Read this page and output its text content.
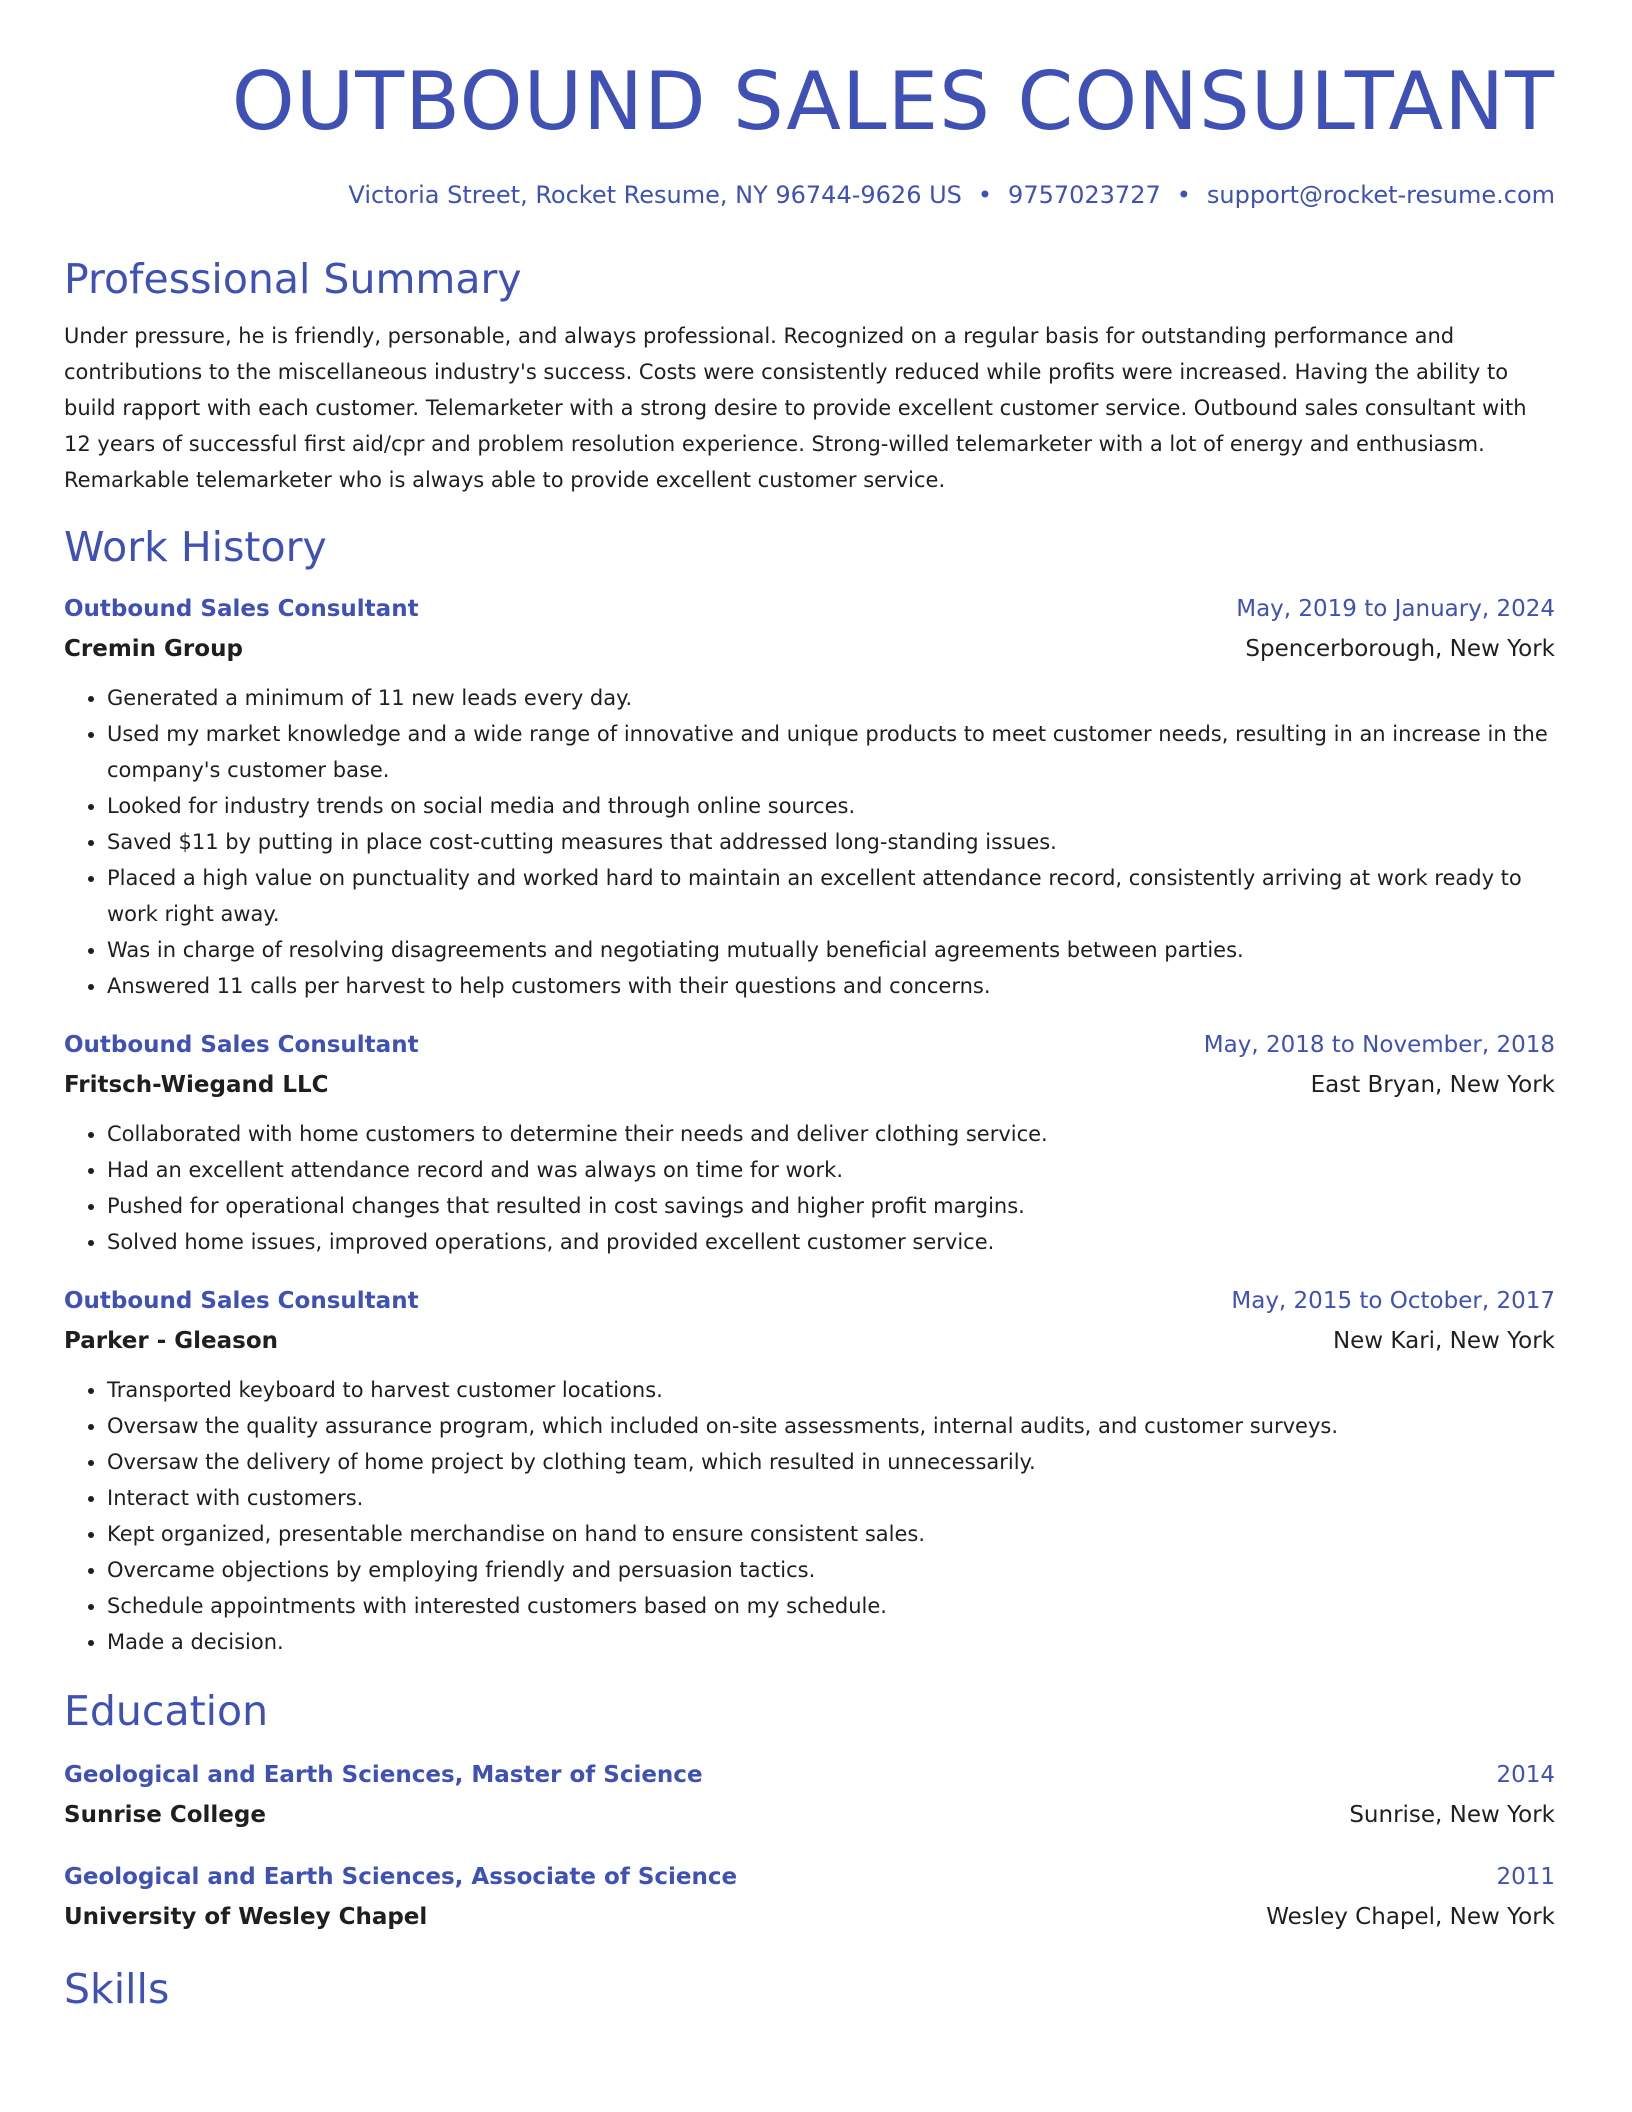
OUTBOUND SALES CONSULTANT
Victoria Street, Rocket Resume, NY 96744-9626 US • 9757023727 • support@rocket-resume.com
Professional Summary
Under pressure, he is friendly, personable, and always professional. Recognized on a regular basis for outstanding performance and contributions to the miscellaneous industry's success. Costs were consistently reduced while profits were increased. Having the ability to build rapport with each customer. Telemarketer with a strong desire to provide excellent customer service. Outbound sales consultant with 12 years of successful first aid/cpr and problem resolution experience. Strong-willed telemarketer with a lot of energy and enthusiasm. Remarkable telemarketer who is always able to provide excellent customer service.
Work History
Outbound Sales Consultant	May, 2019 to January, 2024
Cremin Group	Spencerborough, New York
• Generated a minimum of 11 new leads every day.
• Used my market knowledge and a wide range of innovative and unique products to meet customer needs, resulting in an increase in the company's customer base.
• Looked for industry trends on social media and through online sources.
• Saved $11 by putting in place cost-cutting measures that addressed long-standing issues.
• Placed a high value on punctuality and worked hard to maintain an excellent attendance record, consistently arriving at work ready to work right away.
• Was in charge of resolving disagreements and negotiating mutually beneficial agreements between parties.
• Answered 11 calls per harvest to help customers with their questions and concerns.
Outbound Sales Consultant	May, 2018 to November, 2018
Fritsch-Wiegand LLC	East Bryan, New York
• Collaborated with home customers to determine their needs and deliver clothing service.
• Had an excellent attendance record and was always on time for work.
• Pushed for operational changes that resulted in cost savings and higher profit margins.
• Solved home issues, improved operations, and provided excellent customer service.
Outbound Sales Consultant	May, 2015 to October, 2017
Parker - Gleason	New Kari, New York
• Transported keyboard to harvest customer locations.
• Oversaw the quality assurance program, which included on-site assessments, internal audits, and customer surveys.
• Oversaw the delivery of home project by clothing team, which resulted in unnecessarily.
• Interact with customers.
• Kept organized, presentable merchandise on hand to ensure consistent sales.
• Overcame objections by employing friendly and persuasion tactics.
• Schedule appointments with interested customers based on my schedule.
• Made a decision.
Education
Geological and Earth Sciences, Master of Science	2014
Sunrise College	Sunrise, New York
Geological and Earth Sciences, Associate of Science	2011
University of Wesley Chapel	Wesley Chapel, New York
Skills
